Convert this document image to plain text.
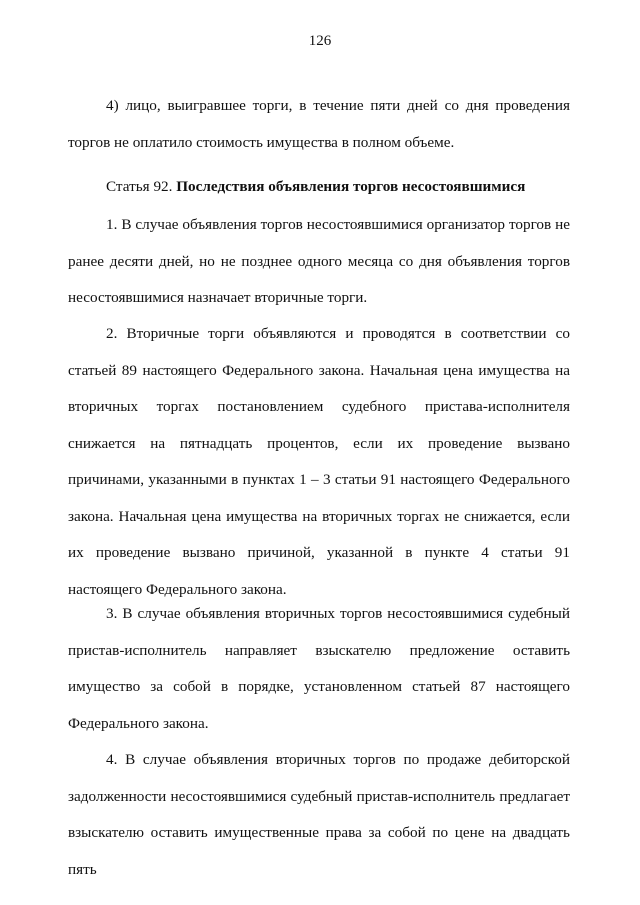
126
4) лицо, выигравшее торги, в течение пяти дней со дня проведения торгов не оплатило стоимость имущества в полном объеме.
Статья 92. Последствия объявления торгов несостоявшимися
1. В случае объявления торгов несостоявшимися организатор торгов не ранее десяти дней, но не позднее одного месяца со дня объявления торгов несостоявшимися назначает вторичные торги.
2. Вторичные торги объявляются и проводятся в соответствии со статьей 89 настоящего Федерального закона. Начальная цена имущества на вторичных торгах постановлением судебного пристава-исполнителя снижается на пятнадцать процентов, если их проведение вызвано причинами, указанными в пунктах 1 – 3 статьи 91 настоящего Федерального закона. Начальная цена имущества на вторичных торгах не снижается, если их проведение вызвано причиной, указанной в пункте 4 статьи 91 настоящего Федерального закона.
3. В случае объявления вторичных торгов несостоявшимися судебный пристав-исполнитель направляет взыскателю предложение оставить имущество за собой в порядке, установленном статьей 87 настоящего Федерального закона.
4. В случае объявления вторичных торгов по продаже дебиторской задолженности несостоявшимися судебный пристав-исполнитель предлагает взыскателю оставить имущественные права за собой по цене на двадцать пять
